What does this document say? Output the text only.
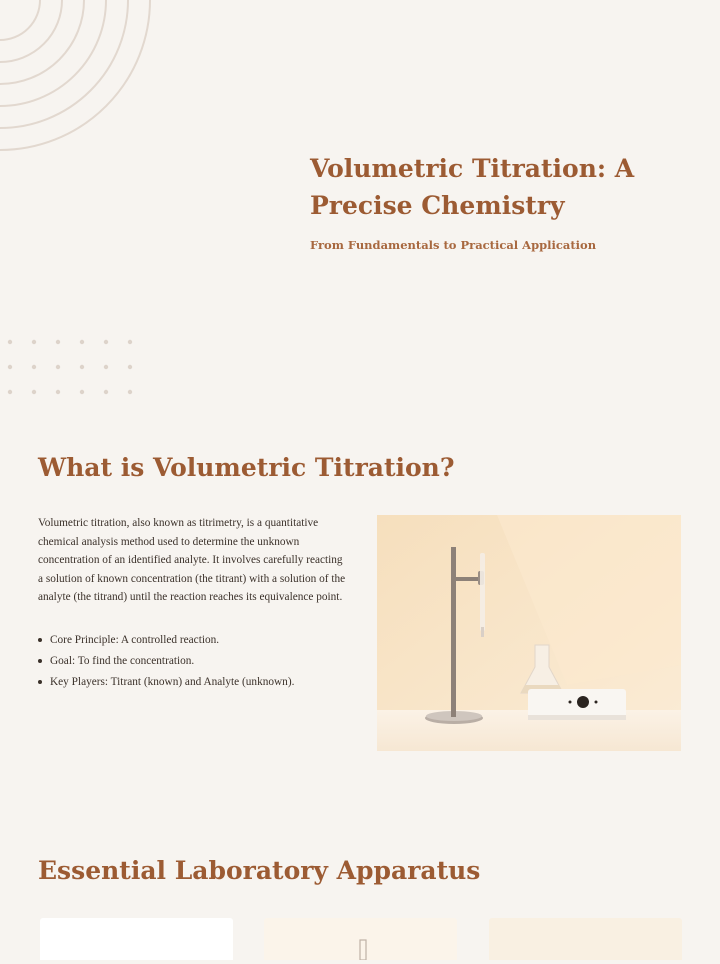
Volumetric Titration: A Precise Chemistry

From Fundamentals to Practical Application

What is Volumetric Titration?

Volumetric titration, also known as titrimetry, is a quantitative chemical analysis method used to determine the unknown concentration of an identified analyte. It involves carefully reacting a solution of known concentration (the titrant) with a solution of the analyte (the titrand) until the reaction reaches its equivalence point.

Core Principle: A controlled reaction.
Goal: To find the concentration.
Key Players: Titrant (known) and Analyte (unknown).
Essential Laboratory Apparatus
